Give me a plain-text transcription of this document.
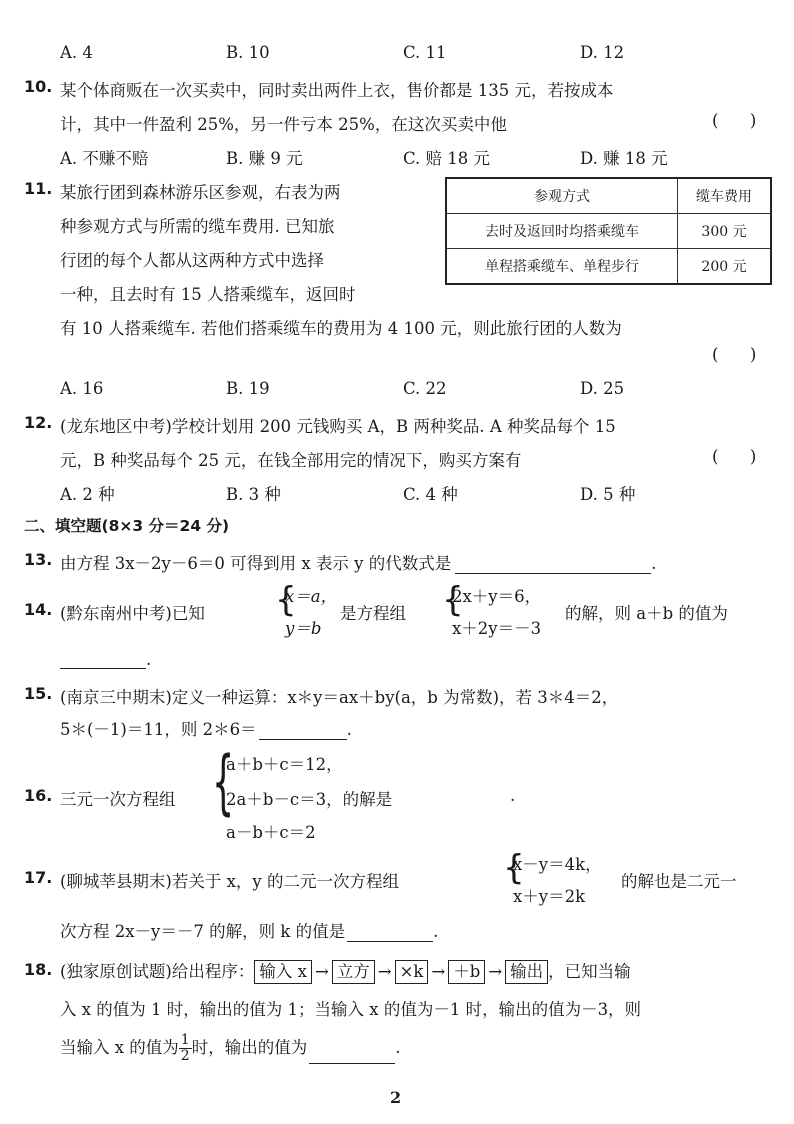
A. 4	B. 10	C. 11	D. 12
10. 某个体商贩在一次买卖中，同时卖出两件上衣，售价都是 135 元，若按成本
计，其中一件盈利 25%，另一件亏本 25%，在这次买卖中他	(      )
A. 不赚不赔	B. 赚 9 元	C. 赔 18 元	D. 赚 18 元
11. 某旅行团到森林游乐区参观，右表为两
种参观方式与所需的缆车费用. 已知旅
行团的每个人都从这两种方式中选择
一种，且去时有 15 人搭乘缆车，返回时
有 10 人搭乘缆车. 若他们搭乘缆车的费用为 4 100 元，则此旅行团的人数为
(      )
参观方式	缆车费用
去时及返回时均搭乘缆车	300 元
单程搭乘缆车、单程步行	200 元
A. 16	B. 19	C. 22	D. 25
12. (龙东地区中考)学校计划用 200 元钱购买 A，B 两种奖品. A 种奖品每个 15
元，B 种奖品每个 25 元，在钱全部用完的情况下，购买方案有	(      )
A. 2 种	B. 3 种	C. 4 种	D. 5 种
二、填空题(8×3 分＝24 分)
13. 由方程 3x－2y－6＝0 可得到用 x 表示 y 的代数式是	.
14. (黔东南州中考)已知 {
x＝a，
y＝b
是方程组 {
2x＋y＝6，
x＋2y＝－3
的解，则 a＋b 的值为
.
15. (南京三中期末)定义一种运算：x＊y＝ax＋by(a，b 为常数)，若 3＊4＝2，
5＊(－1)＝11，则 2＊6＝	.
16. 三元一次方程组 {
a＋b＋c＝12，
2a＋b－c＝3，的解是
a－b＋c＝2
.
17. (聊城莘县期末)若关于 x，y 的二元一次方程组	{
x－y＝4k，
x＋y＝2k
的解也是二元一
次方程 2x－y＝－7 的解，则 k 的值是	.
18. (独家原创试题)给出程序： 输入 x → 立方 → ×k → ＋b → 输出 ，已知当输
入 x 的值为 1 时，输出的值为 1；当输入 x 的值为－1 时，输出的值为－3，则
当输入 x 的值为 $\frac{1}{2}$ 时，输出的值为	.
2
